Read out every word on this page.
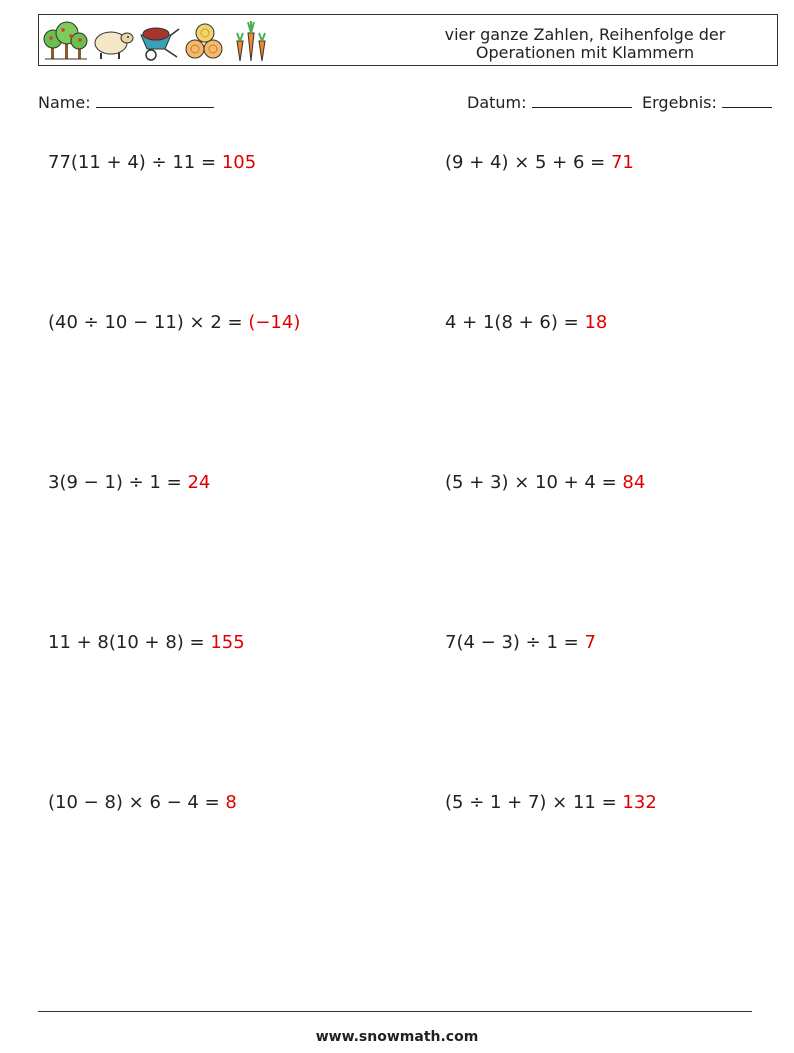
vier ganze Zahlen, Reihenfolge der
Operationen mit Klammern
Name:	Datum:	Ergebnis:
77(11 + 4) ÷ 11 = 105	(9 + 4) × 5 + 6 = 71
(40 ÷ 10 − 11) × 2 = (−14)	4 + 1(8 + 6) = 18
3(9 − 1) ÷ 1 = 24	(5 + 3) × 10 + 4 = 84
11 + 8(10 + 8) = 155	7(4 − 3) ÷ 1 = 7
(10 − 8) × 6 − 4 = 8	(5 ÷ 1 + 7) × 11 = 132
www.snowmath.com
